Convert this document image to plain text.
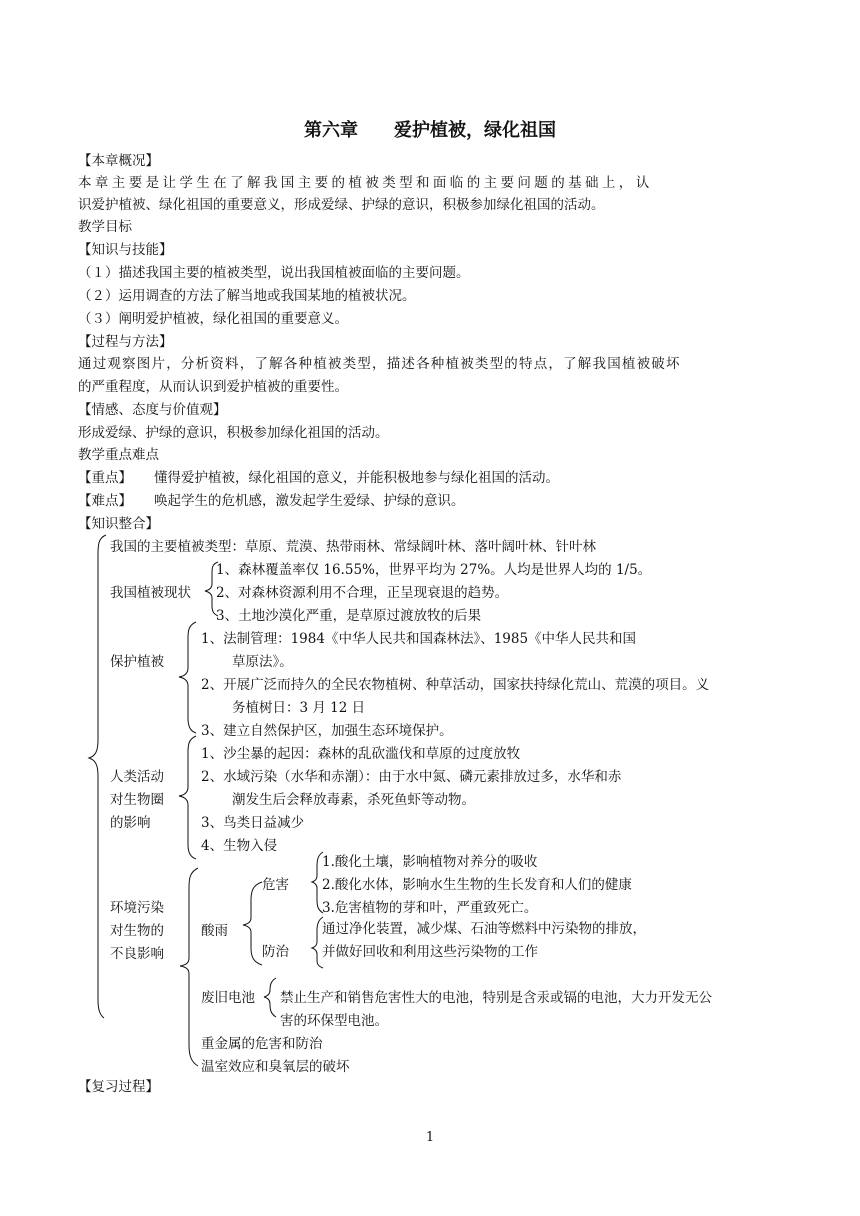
第六章　　爱护植被，绿化祖国
【本章概况】
本章主要是让学生在了解我国主要的植被类型和面临的主要问题的基础上，认
识爱护植被、绿化祖国的重要意义，形成爱绿、护绿的意识，积极参加绿化祖国的活动。
教学目标
【知识与技能】
（１）描述我国主要的植被类型，说出我国植被面临的主要问题。
（２）运用调查的方法了解当地或我国某地的植被状况。
（３）阐明爱护植被，绿化祖国的重要意义。
【过程与方法】
通过观察图片，分析资料，了解各种植被类型，描述各种植被类型的特点，了解我国植被破坏
的严重程度，从而认识到爱护植被的重要性。
【情感、态度与价值观】
形成爱绿、护绿的意识，积极参加绿化祖国的活动。
教学重点难点
【重点】 懂得爱护植被，绿化祖国的意义，并能积极地参与绿化祖国的活动。
【难点】 唤起学生的危机感，激发起学生爱绿、护绿的意识。
【知识整合】
我国的主要植被类型：草原、荒漠、热带雨林、常绿阔叶林、落叶阔叶林、针叶林
我国植被现状
1、森林覆盖率仅 16.55%，世界平均为 27%。人均是世界人均的 1/5。
2、对森林资源利用不合理，正呈现衰退的趋势。
3、土地沙漠化严重，是草原过渡放牧的后果
保护植被
1、法制管理：1984《中华人民共和国森林法》、1985《中华人民共和国
草原法》。
2、开展广泛而持久的全民农物植树、种草活动，国家扶持绿化荒山、荒漠的项目。义
务植树日：3 月 12 日
3、建立自然保护区，加强生态环境保护。
人类活动
对生物圈
的影响
1、沙尘暴的起因：森林的乱砍滥伐和草原的过度放牧
2、水域污染（水华和赤潮）：由于水中氮、磷元素排放过多，水华和赤
潮发生后会释放毒素，杀死鱼虾等动物。
3、鸟类日益减少
4、生物入侵
环境污染
对生物的
不良影响
酸雨
危害
1.酸化土壤，影响植物对养分的吸收
2.酸化水体，影响水生生物的生长发育和人们的健康
3.危害植物的芽和叶，严重致死亡。
防治
通过净化装置，减少煤、石油等燃料中污染物的排放，
并做好回收和利用这些污染物的工作
废旧电池 禁止生产和销售危害性大的电池，特别是含汞或镉的电池，大力开发无公
害的环保型电池。
重金属的危害和防治
温室效应和臭氧层的破坏
【复习过程】
1
